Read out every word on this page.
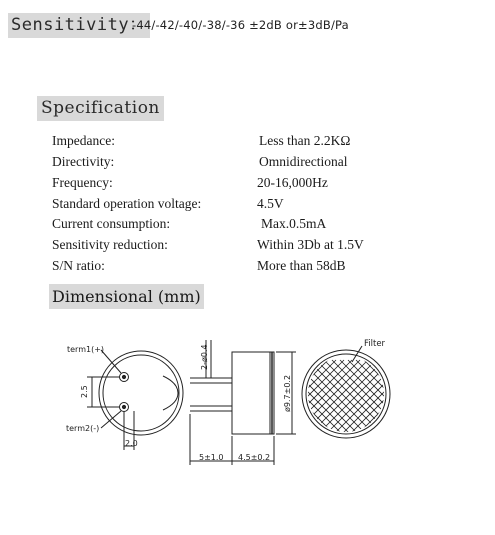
Sensitivity：
-44/-42/-40/-38/-36 ±2dB or±3dB/Pa
Specification
Impedance:	Less than 2.2KΩ
Directivity:	Omnidirectional
Frequency:	20-16,000Hz
Standard operation voltage:	4.5V
Current consumption:	Max.0.5mA
Sensitivity reduction:	Within 3Db at 1.5V
S/N ratio:	More than 58dB
Dimensional (mm)
term1(+)
term2(-)
2.5
2.0
2-ø0.4
ø9.7±0.2
5±1.0 4.5±0.2
Filter
